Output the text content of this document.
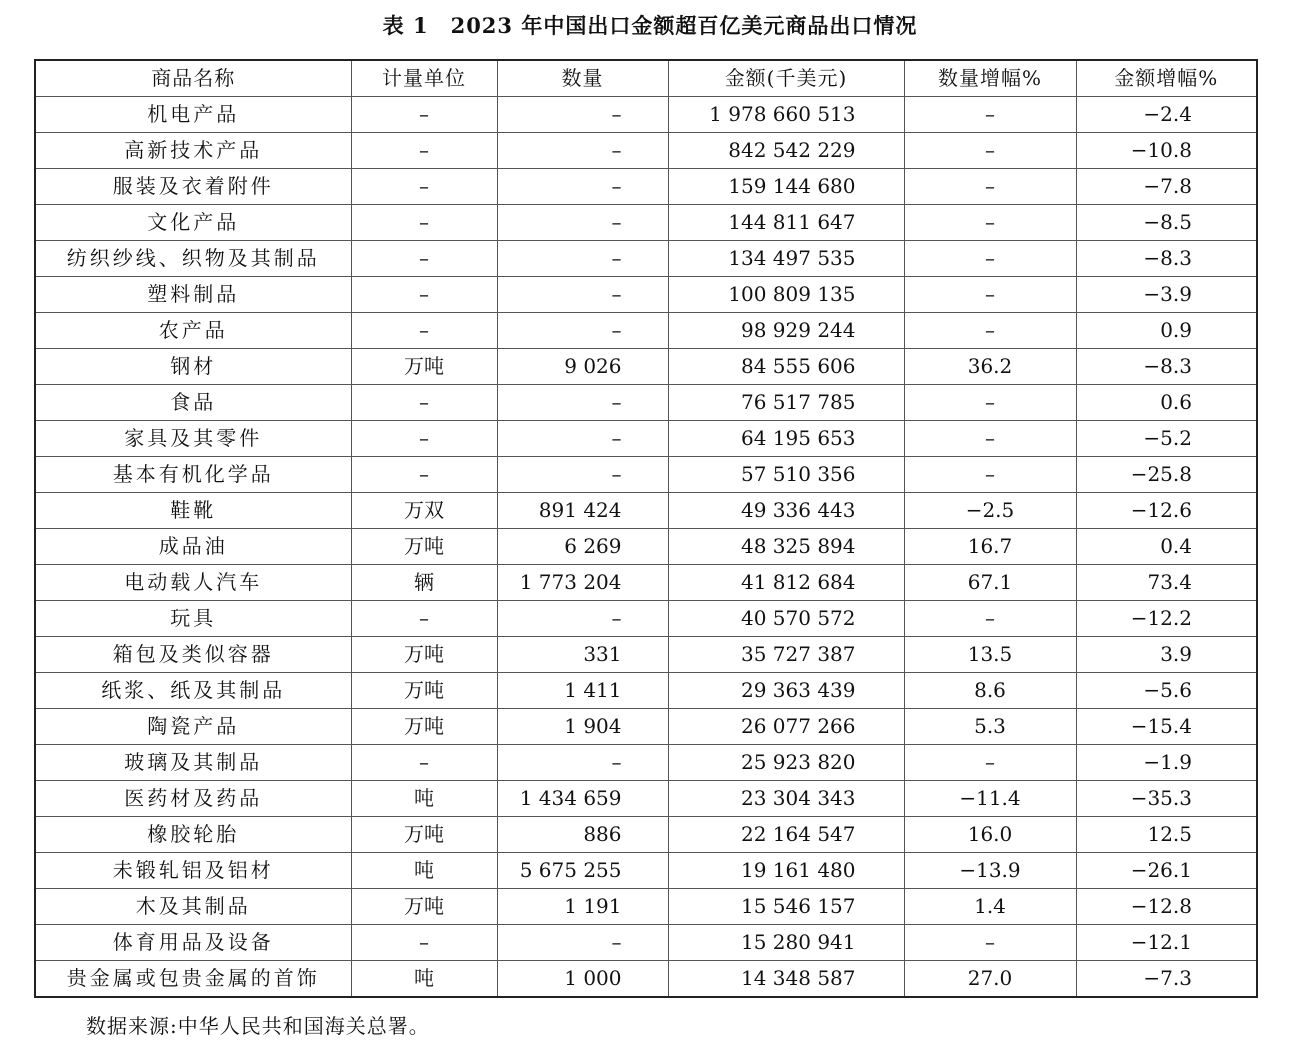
表 1 2023 年中国出口金额超百亿美元商品出口情况
商品名称	计量单位	数量	金额(千美元)	数量增幅%	金额增幅%
机电产品	–	–	1 978 660 513	–	−2.4
高新技术产品	–	–	842 542 229	–	−10.8
服装及衣着附件	–	–	159 144 680	–	−7.8
文化产品	–	–	144 811 647	–	−8.5
纺织纱线、织物及其制品	–	–	134 497 535	–	−8.3
塑料制品	–	–	100 809 135	–	−3.9
农产品	–	–	98 929 244	–	0.9
钢材	万吨	9 026	84 555 606	36.2	−8.3
食品	–	–	76 517 785	–	0.6
家具及其零件	–	–	64 195 653	–	−5.2
基本有机化学品	–	–	57 510 356	–	−25.8
鞋靴	万双	891 424	49 336 443	−2.5	−12.6
成品油	万吨	6 269	48 325 894	16.7	0.4
电动载人汽车	辆	1 773 204	41 812 684	67.1	73.4
玩具	–	–	40 570 572	–	−12.2
箱包及类似容器	万吨	331	35 727 387	13.5	3.9
纸浆、纸及其制品	万吨	1 411	29 363 439	8.6	−5.6
陶瓷产品	万吨	1 904	26 077 266	5.3	−15.4
玻璃及其制品	–	–	25 923 820	–	−1.9
医药材及药品	吨	1 434 659	23 304 343	−11.4	−35.3
橡胶轮胎	万吨	886	22 164 547	16.0	12.5
未锻轧铝及铝材	吨	5 675 255	19 161 480	−13.9	−26.1
木及其制品	万吨	1 191	15 546 157	1.4	−12.8
体育用品及设备	–	–	15 280 941	–	−12.1
贵金属或包贵金属的首饰	吨	1 000	14 348 587	27.0	−7.3
数据来源:中华人民共和国海关总署。
